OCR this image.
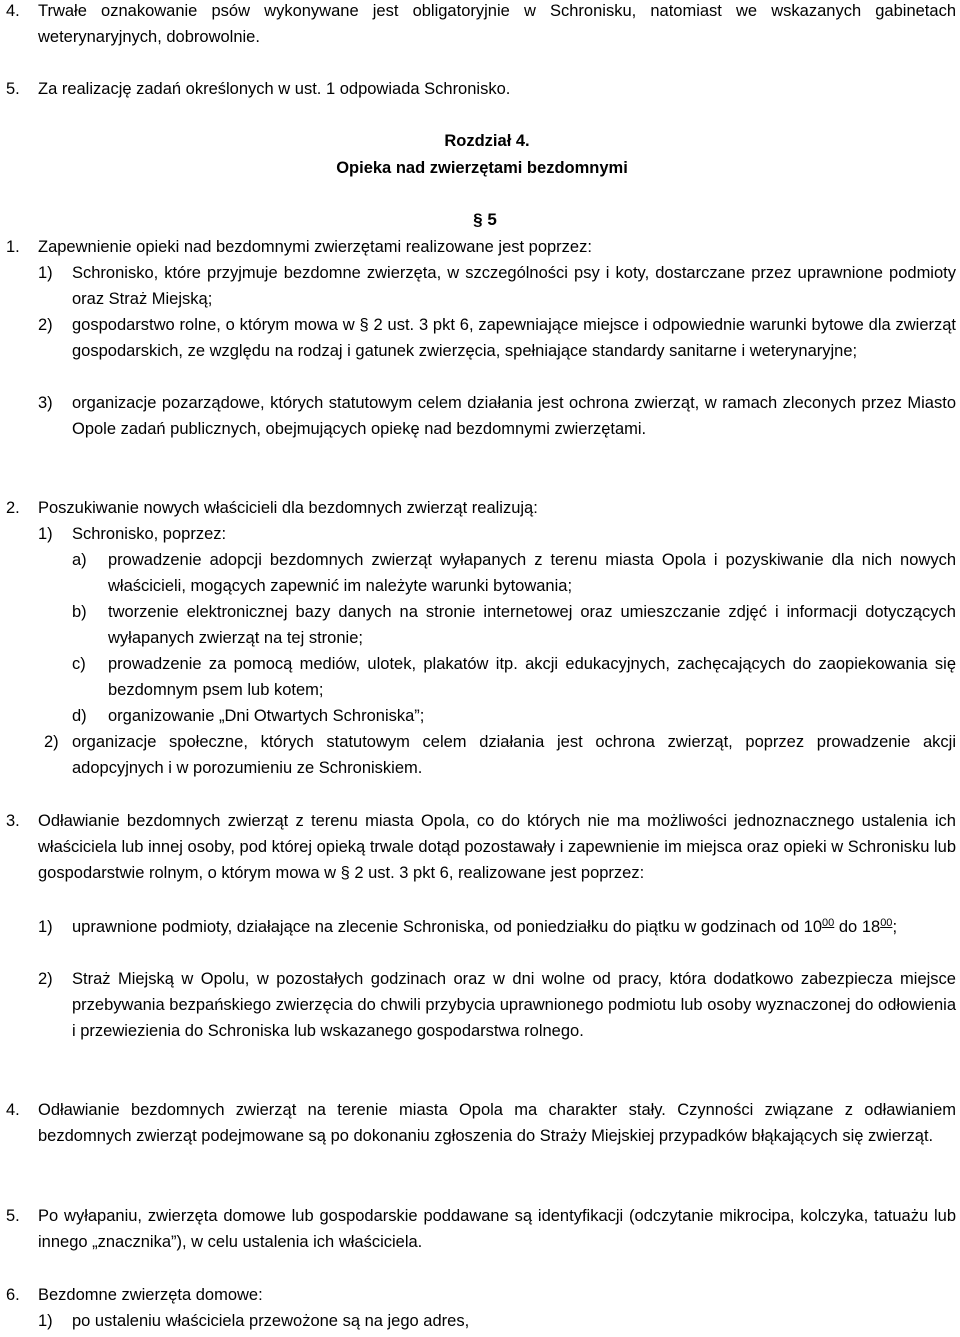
4. Trwałe oznakowanie psów wykonywane jest obligatoryjnie w Schronisku, natomiast we wskazanych gabinetach weterynaryjnych, dobrowolnie.
5. Za realizację zadań określonych w ust. 1 odpowiada Schronisko.
Rozdział 4.
Opieka nad zwierzętami bezdomnymi
§ 5
1. Zapewnienie opieki nad bezdomnymi zwierzętami realizowane jest poprzez:
1) Schronisko, które przyjmuje bezdomne zwierzęta, w szczególności psy i koty, dostarczane przez uprawnione podmioty oraz Straż Miejską;
2) gospodarstwo rolne, o którym mowa w § 2 ust. 3 pkt 6, zapewniające miejsce i odpowiednie warunki bytowe dla zwierząt gospodarskich, ze względu na rodzaj i gatunek zwierzęcia, spełniające standardy sanitarne i weterynaryjne;
3) organizacje pozarządowe, których statutowym celem działania jest ochrona zwierząt, w ramach zleconych przez Miasto Opole zadań publicznych, obejmujących opiekę nad bezdomnymi zwierzętami.
2. Poszukiwanie nowych właścicieli dla bezdomnych zwierząt realizują:
1) Schronisko, poprzez:
a) prowadzenie adopcji bezdomnych zwierząt wyłapanych z terenu miasta Opola i pozyskiwanie dla nich nowych właścicieli, mogących zapewnić im należyte warunki bytowania;
b) tworzenie elektronicznej bazy danych na stronie internetowej oraz umieszczanie zdjęć i informacji dotyczących wyłapanych zwierząt na tej stronie;
c) prowadzenie za pomocą mediów, ulotek, plakatów itp. akcji edukacyjnych, zachęcających do zaopiekowania się bezdomnym psem lub kotem;
d) organizowanie „Dni Otwartych Schroniska”;
2) organizacje społeczne, których statutowym celem działania jest ochrona zwierząt, poprzez prowadzenie akcji adopcyjnych i w porozumieniu ze Schroniskiem.
3. Odławianie bezdomnych zwierząt z terenu miasta Opola, co do których nie ma możliwości jednoznacznego ustalenia ich właściciela lub innej osoby, pod której opieką trwale dotąd pozostawały i zapewnienie im miejsca oraz opieki w Schronisku lub gospodarstwie rolnym, o którym mowa w § 2 ust. 3 pkt 6, realizowane jest poprzez:
1) uprawnione podmioty, działające na zlecenie Schroniska, od poniedziałku do piątku w godzinach od $10^{00}$ do $18^{00}$;
2) Straż Miejską w Opolu, w pozostałych godzinach oraz w dni wolne od pracy, która dodatkowo zabezpiecza miejsce przebywania bezpańskiego zwierzęcia do chwili przybycia uprawnionego podmiotu lub osoby wyznaczonej do odłowienia i przewiezienia do Schroniska lub wskazanego gospodarstwa rolnego.
4. Odławianie bezdomnych zwierząt na terenie miasta Opola ma charakter stały. Czynności związane z odławianiem bezdomnych zwierząt podejmowane są po dokonaniu zgłoszenia do Straży Miejskiej przypadków błąkających się zwierząt.
5. Po wyłapaniu, zwierzęta domowe lub gospodarskie poddawane są identyfikacji (odczytanie mikrocipa, kolczyka, tatuażu lub innego „znacznika”), w celu ustalenia ich właściciela.
6. Bezdomne zwierzęta domowe:
1) po ustaleniu właściciela przewożone są na jego adres,
